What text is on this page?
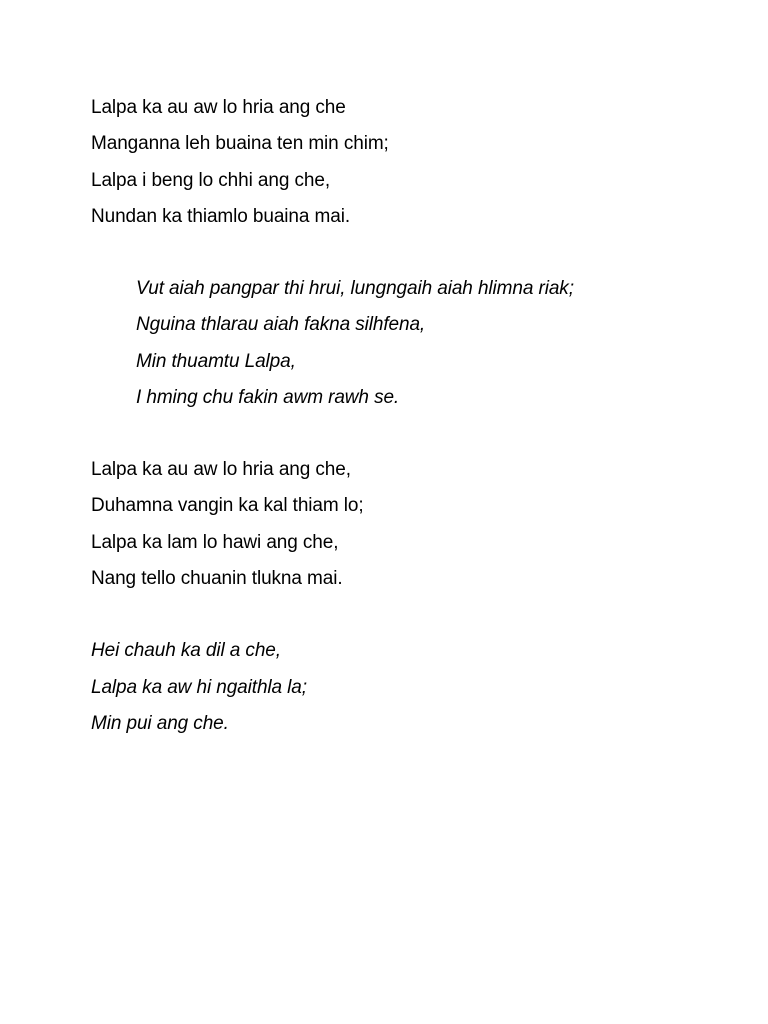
Lalpa ka au aw lo hria ang che
Manganna leh buaina ten min chim;
Lalpa i beng lo chhi ang che,
Nundan ka thiamlo buaina mai.
Vut aiah pangpar thi hrui, lungngaih aiah hlimna riak;
Nguina thlarau aiah fakna silhfena,
Min thuamtu Lalpa,
I hming chu fakin awm rawh se.
Lalpa ka au aw lo hria ang che,
Duhamna vangin ka kal thiam lo;
Lalpa ka lam lo hawi ang che,
Nang tello chuanin tlukna mai.
Hei chauh ka dil a che,
Lalpa ka aw hi ngaithla la;
Min pui ang che.
